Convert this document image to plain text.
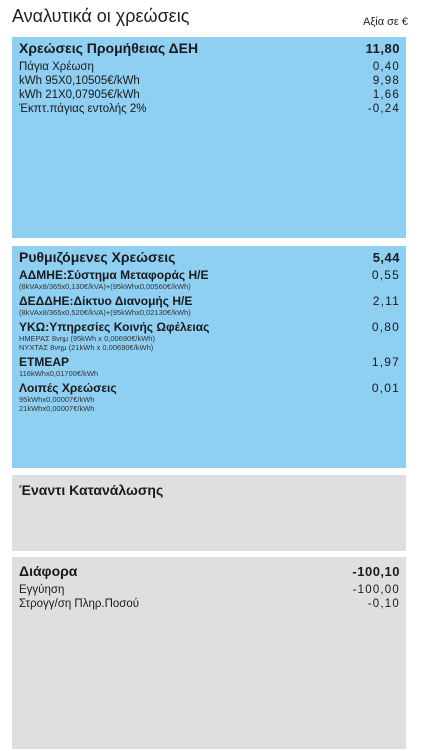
Αναλυτικά οι χρεώσεις	Αξία σε €
Χρεώσεις Προμήθειας ΔΕΗ	11,80
Πάγια Χρέωση	0,40
kWh 95X0,10505€/kWh	9,98
kWh 21X0,07905€/kWh	1,66
Έκπτ.πάγιας εντολής 2%	-0,24
Ρυθμιζόμενες Χρεώσεις	5,44
ΑΔΜΗΕ:Σύστημα Μεταφοράς Η/Ε	0,55
(8kVAx8/365x0,130€/kVA)+(95kWhx0,00560€/kWh)
ΔΕΔΔΗΕ:Δίκτυο Διανομής Η/Ε	2,11
(8kVAx8/365x0,520€/kVA)+(95kWhx0,02130€/kWh)
ΥΚΩ:Υπηρεσίες Κοινής Ωφέλειας	0,80
ΗΜΕΡΑΣ 8νημ (95kWh x 0,00690€/kWh)
ΝΥΧΤΑΣ 8νημ (21kWh x 0,00690€/kWh)
ΕΤΜΕΑΡ	1,97
116kWhx0,01700€/kWh
Λοιπές Χρεώσεις	0,01
95kWhx0,00007€/kWh
21kWhx0,00007€/kWh
Έναντι Κατανάλωσης
Διάφορα	-100,10
Εγγύηση	-100,00
Στρογγ/ση Πληρ.Ποσού	-0,10
